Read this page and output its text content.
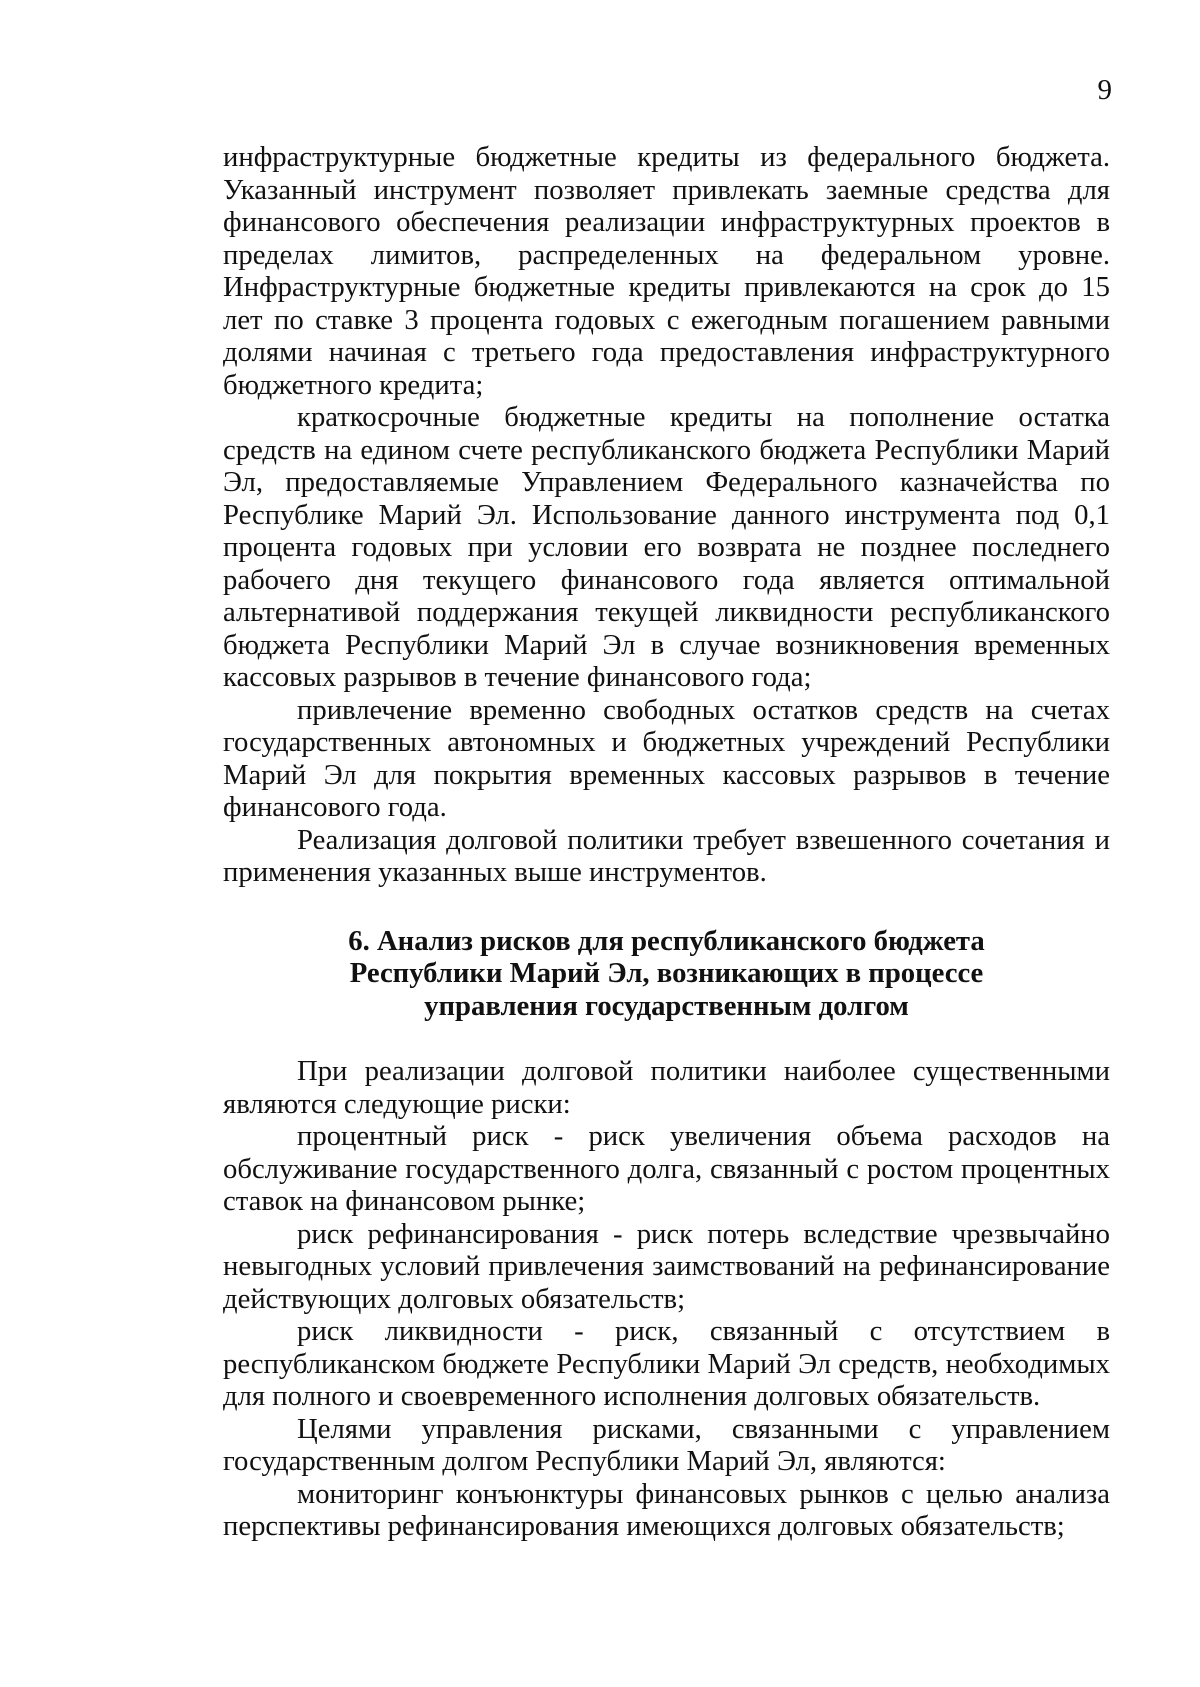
9

инфраструктурные бюджетные кредиты из федерального бюджета. Указанный инструмент позволяет привлекать заемные средства для финансового обеспечения реализации инфраструктурных проектов в пределах лимитов, распределенных на федеральном уровне. Инфраструктурные бюджетные кредиты привлекаются на срок до 15 лет по ставке 3 процента годовых с ежегодным погашением равными долями начиная с третьего года предоставления инфраструктурного бюджетного кредита;

краткосрочные бюджетные кредиты на пополнение остатка средств на едином счете республиканского бюджета Республики Марий Эл, предоставляемые Управлением Федерального казначейства по Республике Марий Эл. Использование данного инструмента под 0,1 процента годовых при условии его возврата не позднее последнего рабочего дня текущего финансового года является оптимальной альтернативой поддержания текущей ликвидности республиканского бюджета Республики Марий Эл в случае возникновения временных кассовых разрывов в течение финансового года;

привлечение временно свободных остатков средств на счетах государственных автономных и бюджетных учреждений Республики Марий Эл для покрытия временных кассовых разрывов в течение финансового года.

Реализация долговой политики требует взвешенного сочетания и применения указанных выше инструментов.

6. Анализ рисков для республиканского бюджета
Республики Марий Эл, возникающих в процессе
управления государственным долгом

При реализации долговой политики наиболее существенными являются следующие риски:

процентный риск - риск увеличения объема расходов на обслуживание государственного долга, связанный с ростом процентных ставок на финансовом рынке;

риск рефинансирования - риск потерь вследствие чрезвычайно невыгодных условий привлечения заимствований на рефинансирование действующих долговых обязательств;

риск ликвидности - риск, связанный с отсутствием в республиканском бюджете Республики Марий Эл средств, необходимых для полного и своевременного исполнения долговых обязательств.

Целями управления рисками, связанными с управлением государственным долгом Республики Марий Эл, являются:

мониторинг конъюнктуры финансовых рынков с целью анализа перспективы рефинансирования имеющихся долговых обязательств;
